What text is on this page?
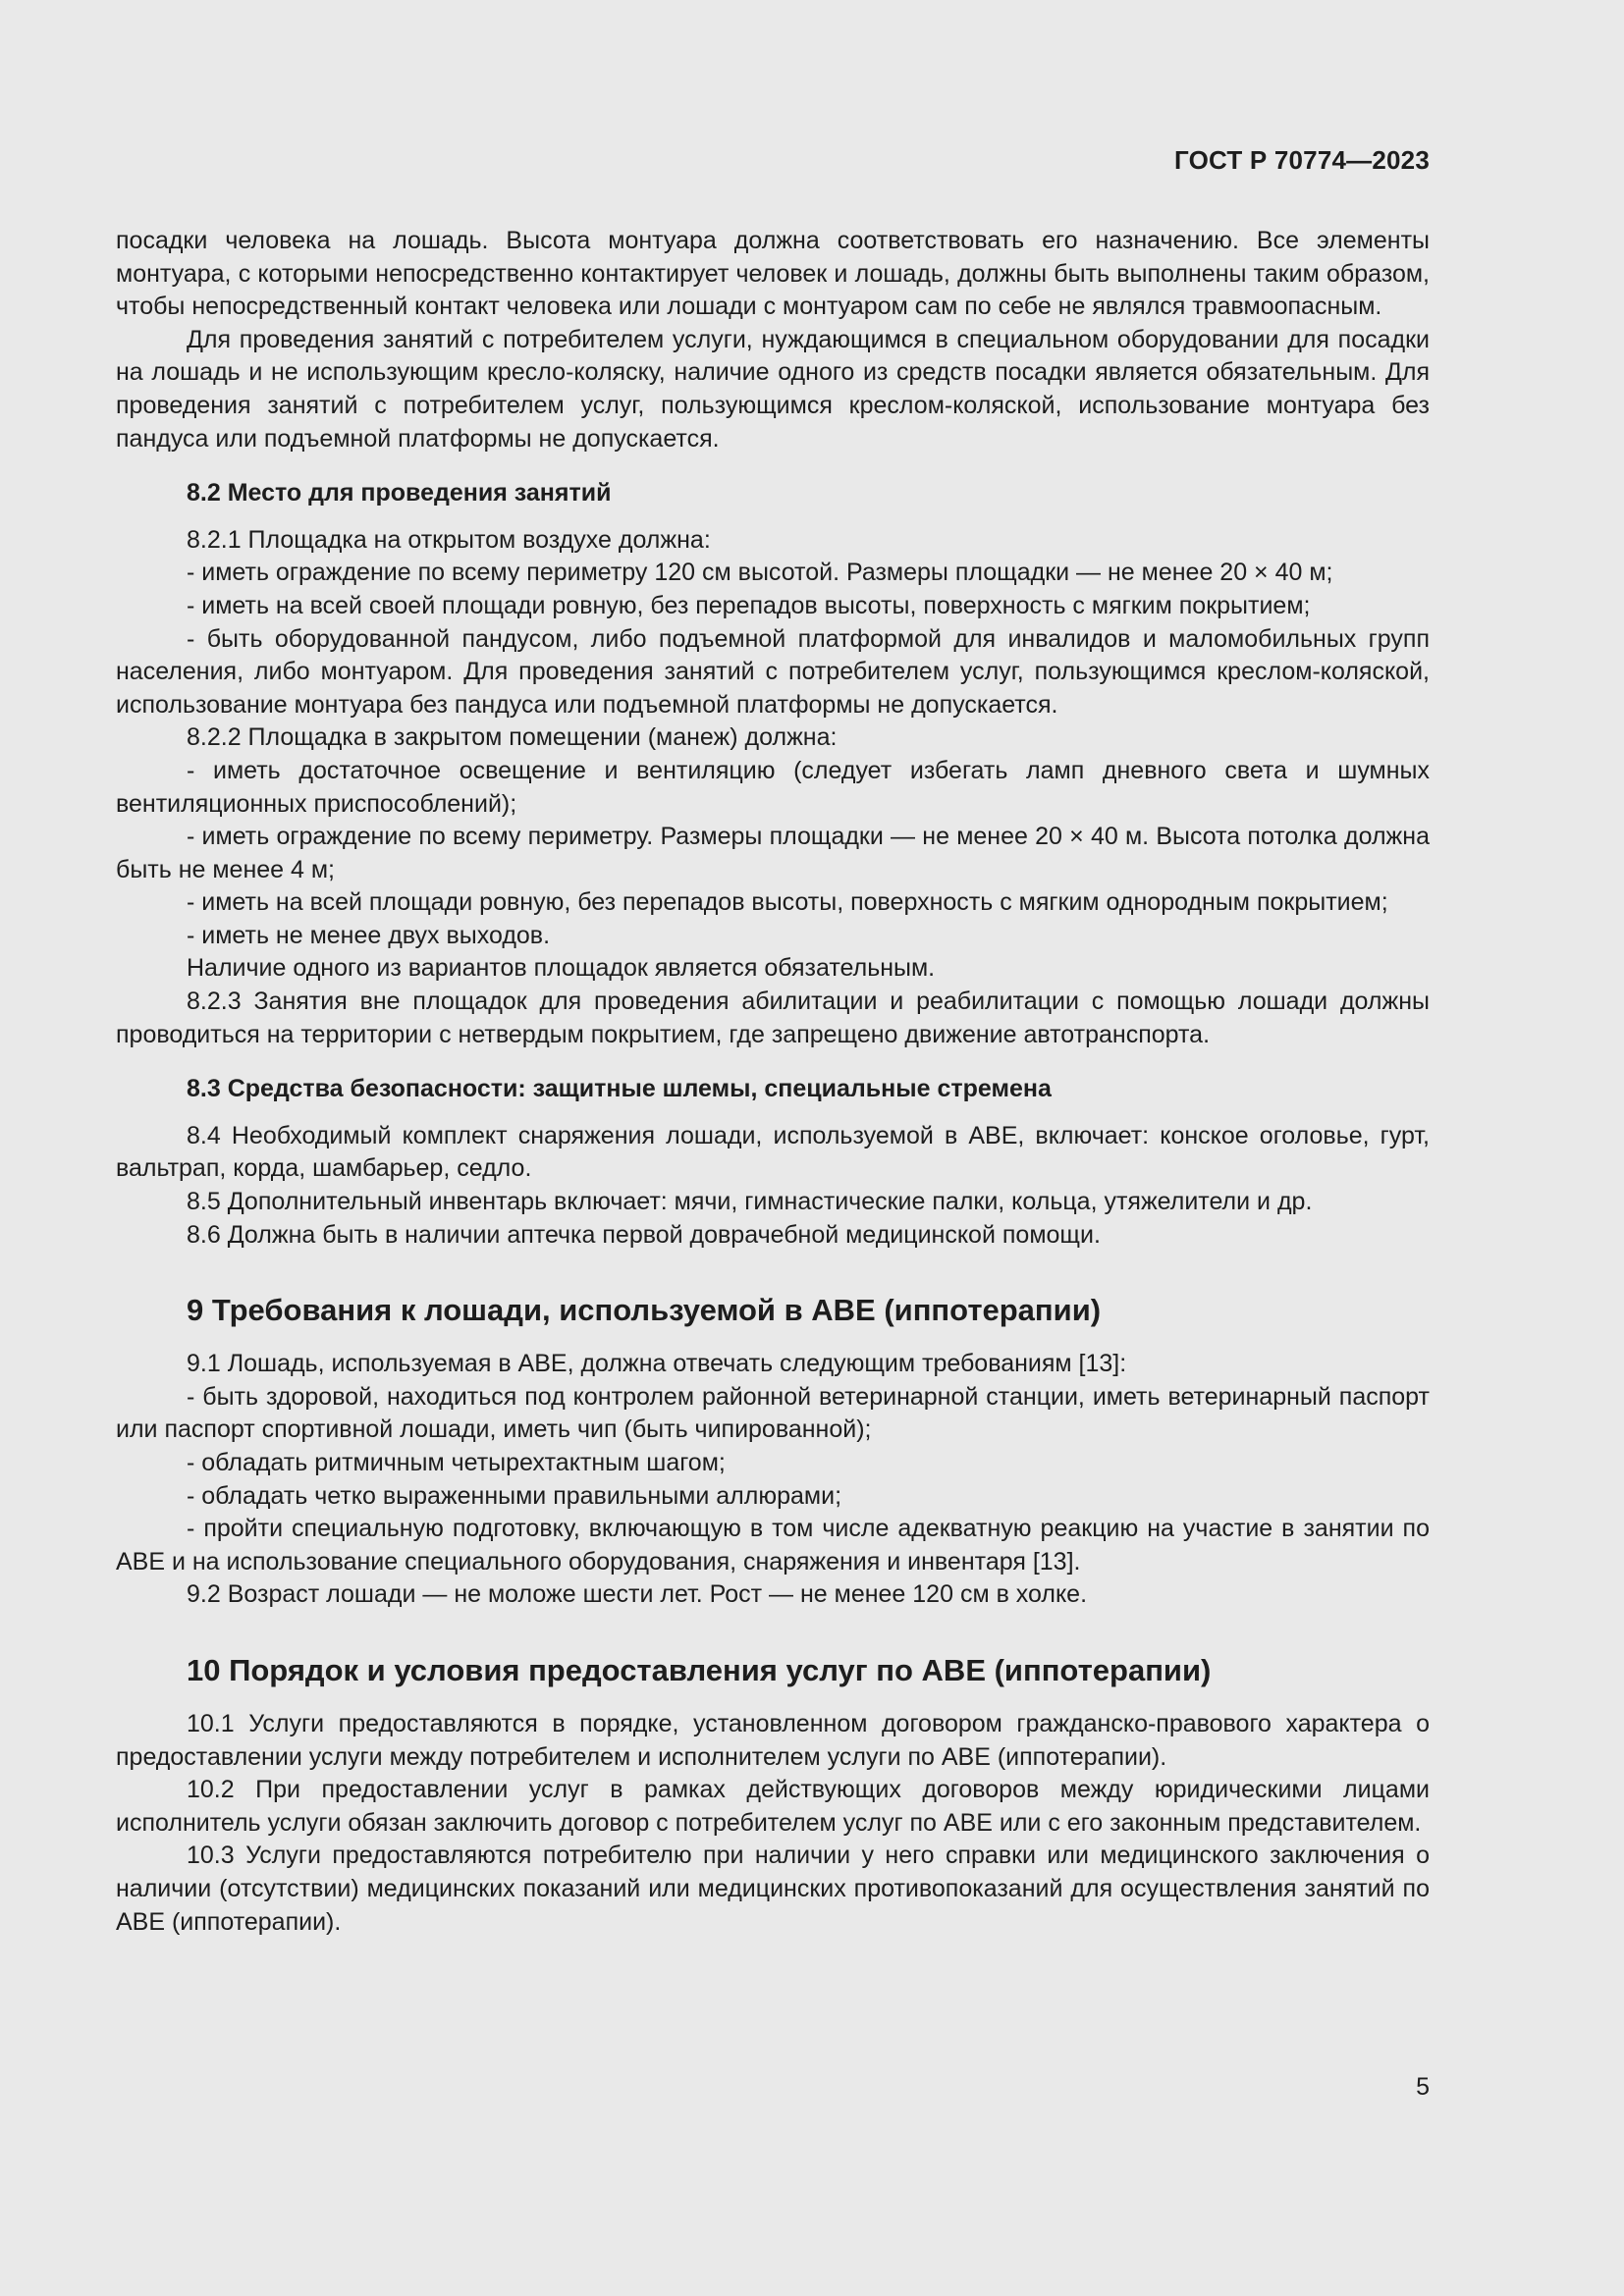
ГОСТ Р 70774—2023

посадки человека на лошадь. Высота монтуара должна соответствовать его назначению. Все элементы монтуара, с которыми непосредственно контактирует человек и лошадь, должны быть выполнены таким образом, чтобы непосредственный контакт человека или лошади с монтуаром сам по себе не являлся травмоопасным.

Для проведения занятий с потребителем услуги, нуждающимся в специальном оборудовании для посадки на лошадь и не использующим кресло-коляску, наличие одного из средств посадки является обязательным. Для проведения занятий с потребителем услуг, пользующимся креслом-коляской, использование монтуара без пандуса или подъемной платформы не допускается.

8.2 Место для проведения занятий

8.2.1 Площадка на открытом воздухе должна:

- иметь ограждение по всему периметру 120 см высотой. Размеры площадки — не менее 20 × 40 м;

- иметь на всей своей площади ровную, без перепадов высоты, поверхность с мягким покрытием;

- быть оборудованной пандусом, либо подъемной платформой для инвалидов и маломобильных групп населения, либо монтуаром. Для проведения занятий с потребителем услуг, пользующимся креслом-коляской, использование монтуара без пандуса или подъемной платформы не допускается.

8.2.2 Площадка в закрытом помещении (манеж) должна:

- иметь достаточное освещение и вентиляцию (следует избегать ламп дневного света и шумных вентиляционных приспособлений);

- иметь ограждение по всему периметру. Размеры площадки — не менее 20 × 40 м. Высота потолка должна быть не менее 4 м;

- иметь на всей площади ровную, без перепадов высоты, поверхность с мягким однородным покрытием;

- иметь не менее двух выходов.

Наличие одного из вариантов площадок является обязательным.

8.2.3 Занятия вне площадок для проведения абилитации и реабилитации с помощью лошади должны проводиться на территории с нетвердым покрытием, где запрещено движение автотранспорта.

8.3 Средства безопасности: защитные шлемы, специальные стремена

8.4 Необходимый комплект снаряжения лошади, используемой в АВЕ, включает: конское оголовье, гурт, вальтрап, корда, шамбарьер, седло.

8.5 Дополнительный инвентарь включает: мячи, гимнастические палки, кольца, утяжелители и др.

8.6 Должна быть в наличии аптечка первой доврачебной медицинской помощи.

9 Требования к лошади, используемой в АВЕ (иппотерапии)

9.1 Лошадь, используемая в АВЕ, должна отвечать следующим требованиям [13]:

- быть здоровой, находиться под контролем районной ветеринарной станции, иметь ветеринарный паспорт или паспорт спортивной лошади, иметь чип (быть чипированной);

- обладать ритмичным четырехтактным шагом;

- обладать четко выраженными правильными аллюрами;

- пройти специальную подготовку, включающую в том числе адекватную реакцию на участие в занятии по АВЕ и на использование специального оборудования, снаряжения и инвентаря [13].

9.2 Возраст лошади — не моложе шести лет. Рост — не менее 120 см в холке.

10 Порядок и условия предоставления услуг по АВЕ (иппотерапии)

10.1 Услуги предоставляются в порядке, установленном договором гражданско-правового характера о предоставлении услуги между потребителем и исполнителем услуги по АВЕ (иппотерапии).

10.2 При предоставлении услуг в рамках действующих договоров между юридическими лицами исполнитель услуги обязан заключить договор с потребителем услуг по АВЕ или с его законным представителем.

10.3 Услуги предоставляются потребителю при наличии у него справки или медицинского заключения о наличии (отсутствии) медицинских показаний или медицинских противопоказаний для осуществления занятий по АВЕ (иппотерапии).

5
